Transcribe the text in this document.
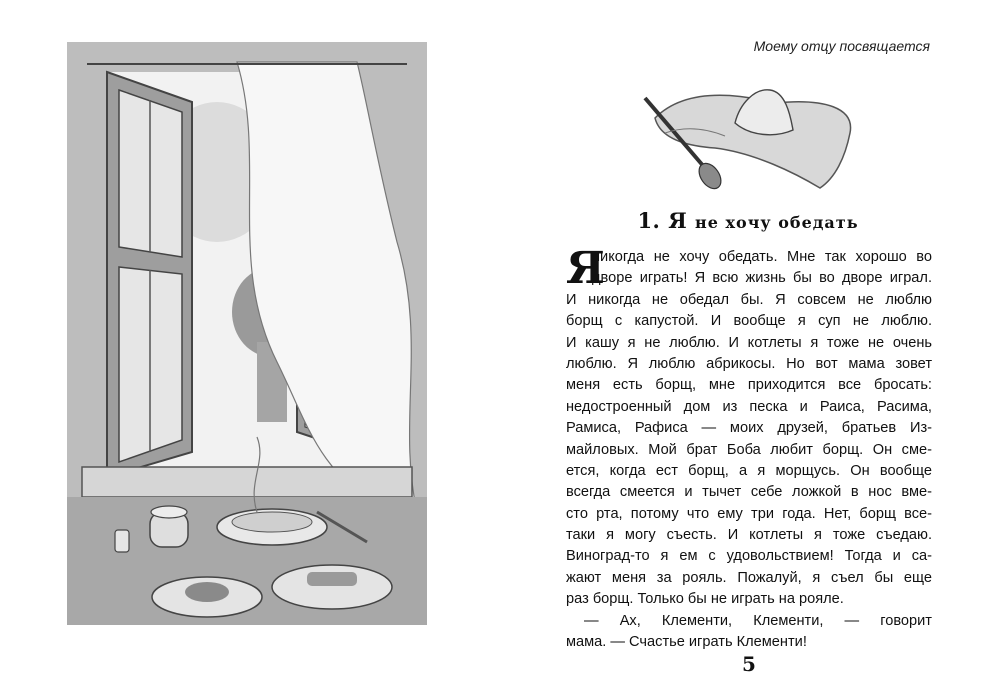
Моему отцу посвящается
1. Я не хочу обедать
Я
никогда не хочу обедать. Мне так хорошо во
дворе играть! Я всю жизнь бы во дворе играл.
И никогда не обедал бы. Я совсем не люблю
борщ с капустой. И вообще я суп не люблю.
И кашу я не люблю. И котлеты я тоже не очень
люблю. Я люблю абрикосы. Но вот мама зовет
меня есть борщ, мне приходится все бросать:
недостроенный дом из песка и Раиса, Расима,
Рамиса, Рафиса — моих друзей, братьев Из-
майловых. Мой брат Боба любит борщ. Он сме-
ется, когда ест борщ, а я морщусь. Он вообще
всегда смеется и тычет себе ложкой в нос вме-
сто рта, потому что ему три года. Нет, борщ все-
таки я могу съесть. И котлеты я тоже съедаю.
Виноград-то я ем с удовольствием! Тогда и са-
жают меня за рояль. Пожалуй, я съел бы еще
раз борщ. Только бы не играть на рояле.
— Ах, Клементи, Клементи, — говорит
мама. — Счастье играть Клементи!
5
